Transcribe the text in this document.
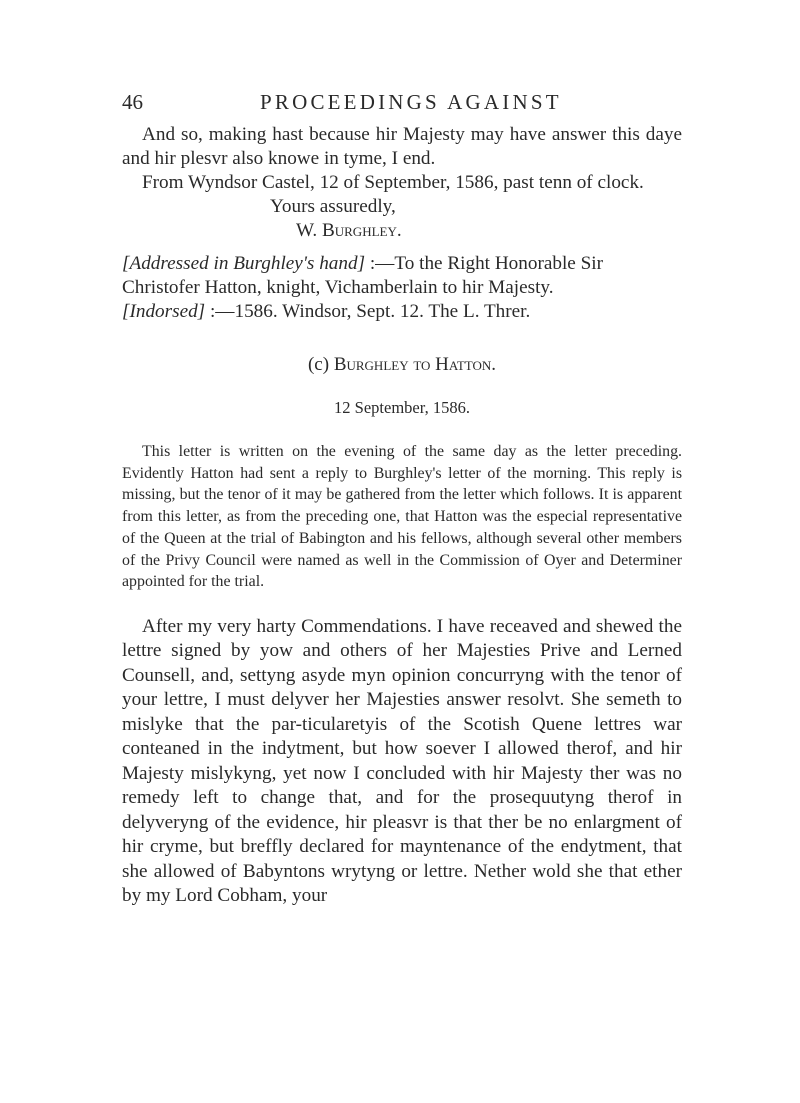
46	PROCEEDINGS AGAINST

And so, making hast because hir Majesty may have answer this daye and hir plesvr also knowe in tyme, I end.

From Wyndsor Castel, 12 of September, 1586, past tenn of clock.

Yours assuredly,

W. Burghley.

[Addressed in Burghley's hand] :—To the Right Honorable Sir Christofer Hatton, knight, Vichamberlain to hir Majesty.

[Indorsed] :—1586. Windsor, Sept. 12. The L. Threr.

(c) Burghley to Hatton.

12 September, 1586.

This letter is written on the evening of the same day as the letter preceding. Evidently Hatton had sent a reply to Burghley's letter of the morning. This reply is missing, but the tenor of it may be gathered from the letter which follows. It is apparent from this letter, as from the preceding one, that Hatton was the especial representative of the Queen at the trial of Babington and his fellows, although several other members of the Privy Council were named as well in the Commission of Oyer and Determiner appointed for the trial.

After my very harty Commendations. I have receaved and shewed the lettre signed by yow and others of her Majesties Prive and Lerned Counsell, and, settyng asyde myn opinion concurryng with the tenor of your lettre, I must delyver her Majesties answer resolvt. She semeth to mislyke that the par-ticularetyis of the Scotish Quene lettres war conteaned in the indytment, but how soever I allowed therof, and hir Majesty mislykyng, yet now I concluded with hir Majesty ther was no remedy left to change that, and for the prosequutyng therof in delyveryng of the evidence, hir pleasvr is that ther be no enlargment of hir cryme, but breffly declared for mayntenance of the endytment, that she allowed of Babyntons wrytyng or lettre. Nether wold she that ether by my Lord Cobham, your
